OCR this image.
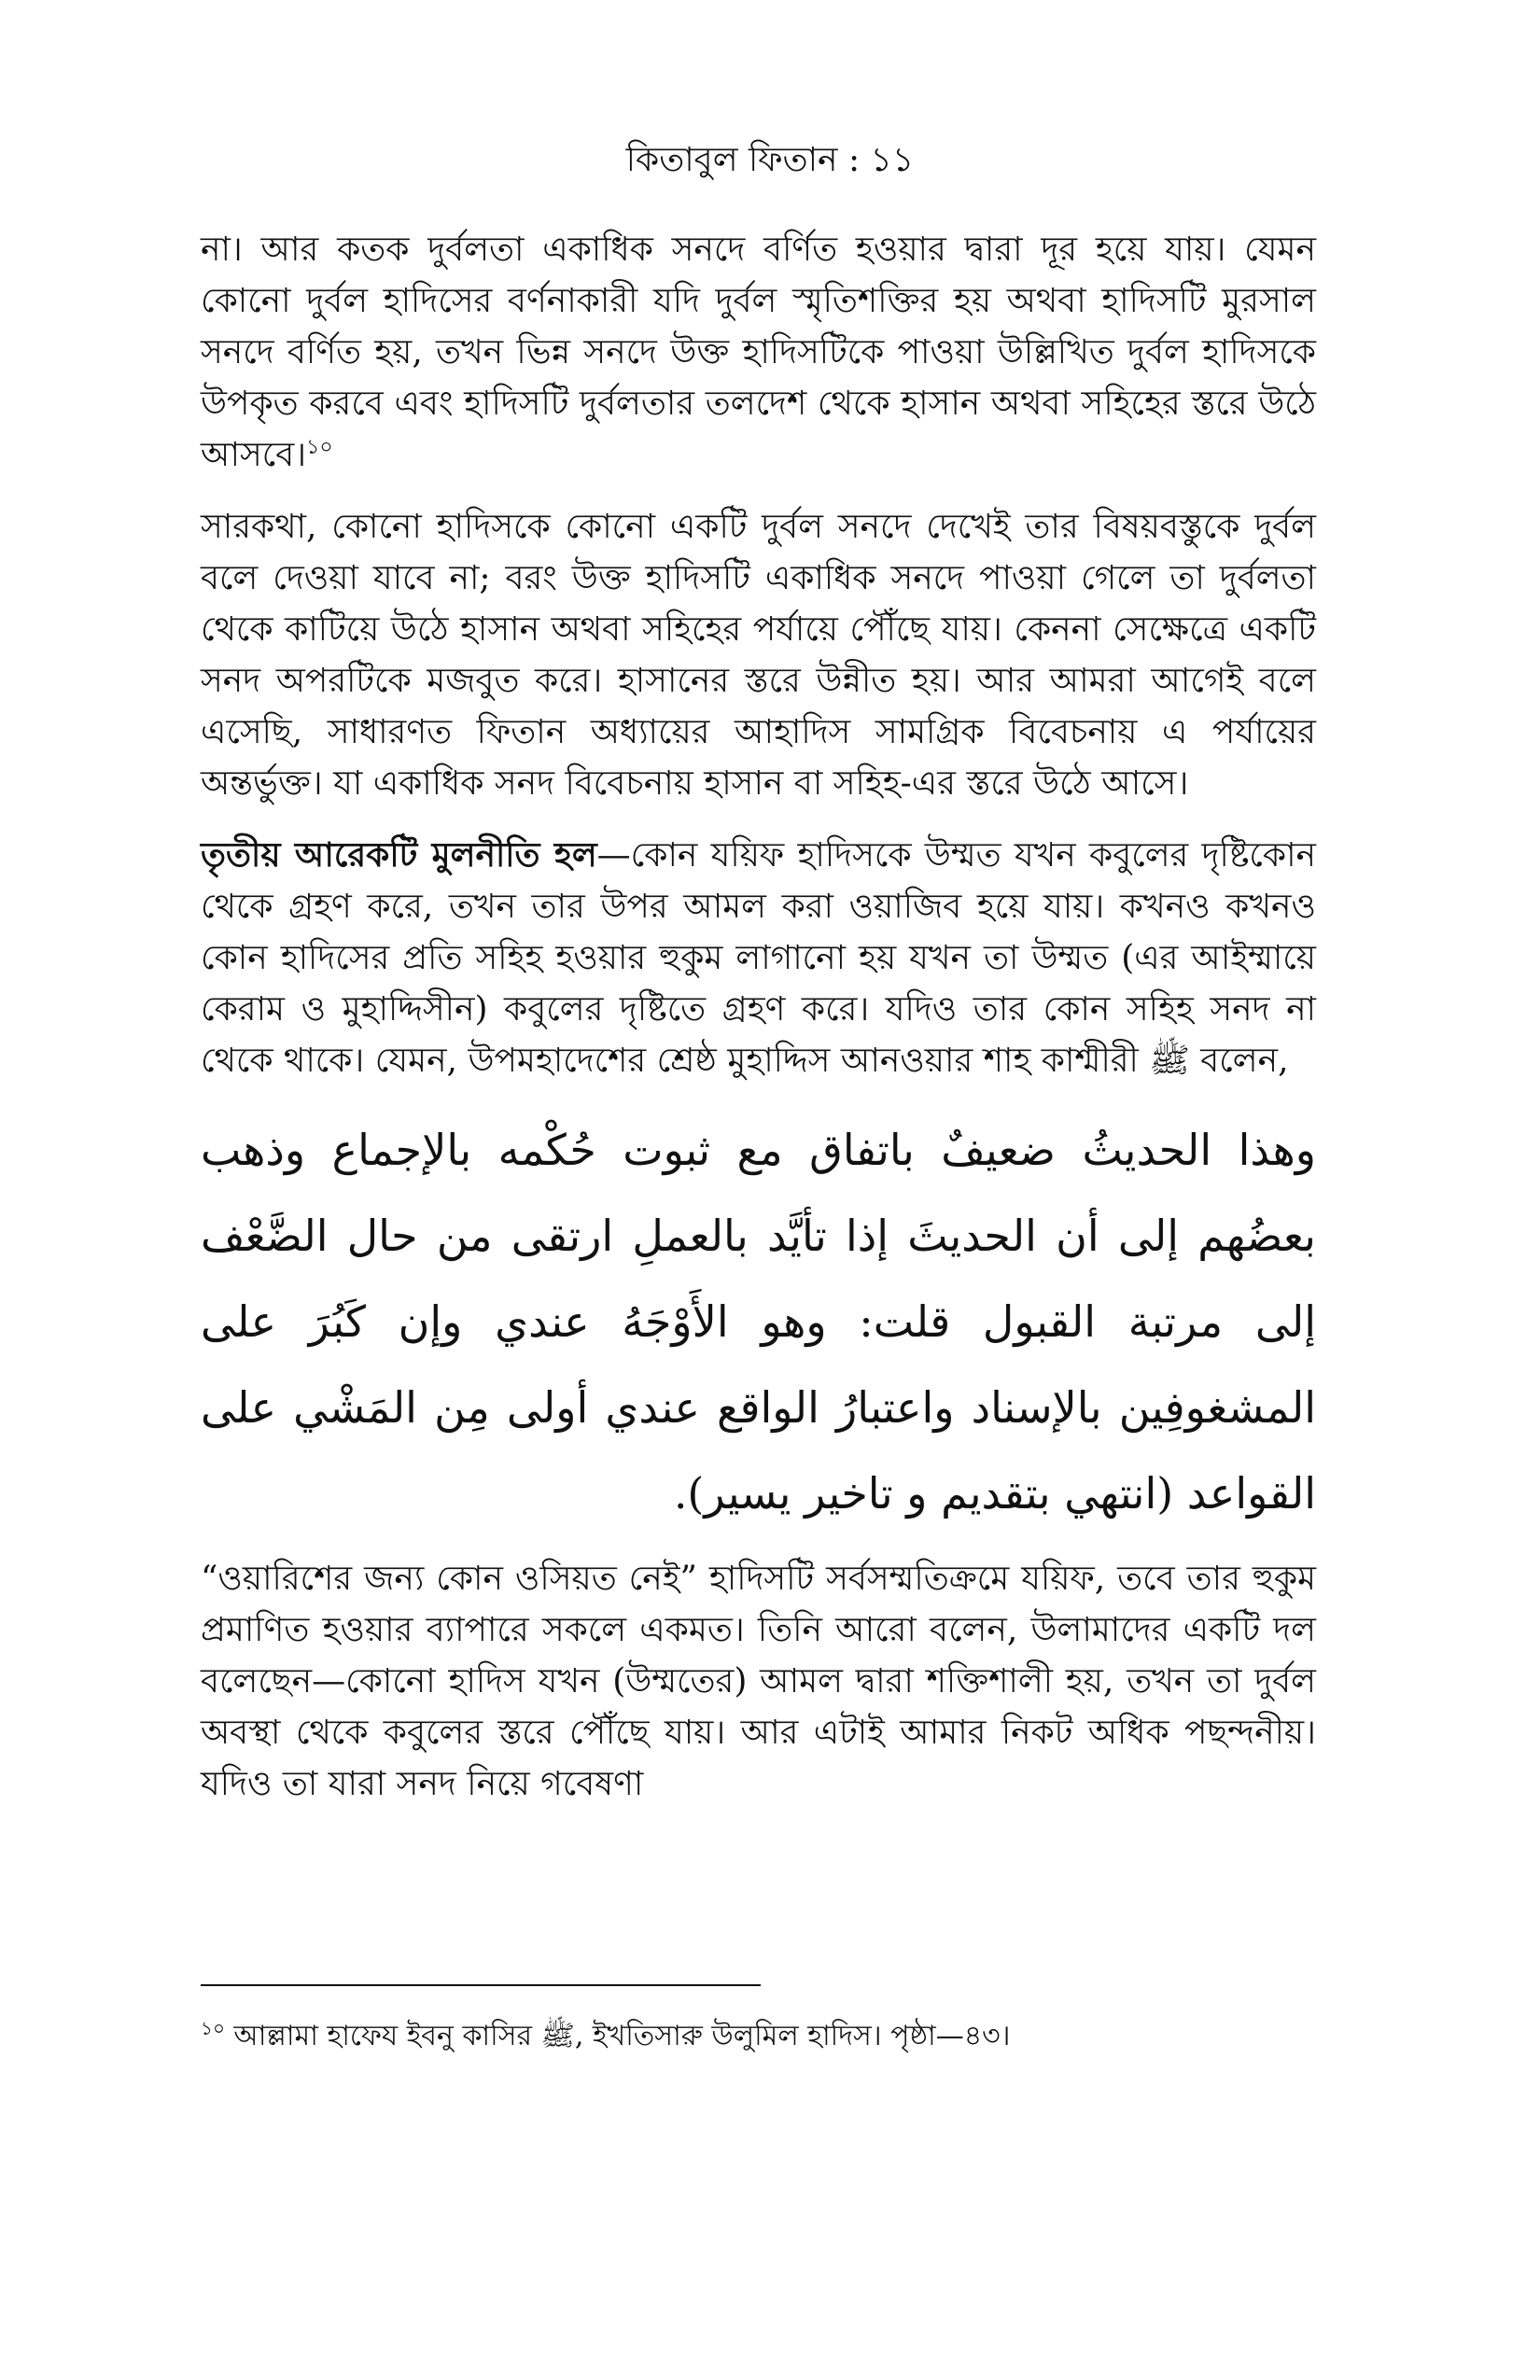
কিতাবুল ফিতান : ১১

না। আর কতক দুর্বলতা একাধিক সনদে বর্ণিত হওয়ার দ্বারা দূর হয়ে যায়। যেমন কোনো দুর্বল হাদিসের বর্ণনাকারী যদি দুর্বল স্মৃতিশক্তির হয় অথবা হাদিসটি মুরসাল সনদে বর্ণিত হয়, তখন ভিন্ন সনদে উক্ত হাদিসটিকে পাওয়া উল্লিখিত দুর্বল হাদিসকে উপকৃত করবে এবং হাদিসটি দুর্বলতার তলদেশ থেকে হাসান অথবা সহিহের স্তরে উঠে আসবে।$^{১০}$

সারকথা, কোনো হাদিসকে কোনো একটি দুর্বল সনদে দেখেই তার বিষয়বস্তুকে দুর্বল বলে দেওয়া যাবে না; বরং উক্ত হাদিসটি একাধিক সনদে পাওয়া গেলে তা দুর্বলতা থেকে কাটিয়ে উঠে হাসান অথবা সহিহের পর্যায়ে পৌঁছে যায়। কেননা সেক্ষেত্রে একটি সনদ অপরটিকে মজবুত করে। হাসানের স্তরে উন্নীত হয়। আর আমরা আগেই বলে এসেছি, সাধারণত ফিতান অধ্যায়ের আহাদিস সামগ্রিক বিবেচনায় এ পর্যায়ের অন্তর্ভুক্ত। যা একাধিক সনদ বিবেচনায় হাসান বা সহিহ-এর স্তরে উঠে আসে।

তৃতীয় আরেকটি মুলনীতি হল—কোন যয়িফ হাদিসকে উম্মত যখন কবুলের দৃষ্টিকোন থেকে গ্রহণ করে, তখন তার উপর আমল করা ওয়াজিব হয়ে যায়। কখনও কখনও কোন হাদিসের প্রতি সহিহ হওয়ার হুকুম লাগানো হয় যখন তা উম্মত (এর আইম্মায়ে কেরাম ও মুহাদ্দিসীন) কবুলের দৃষ্টিতে গ্রহণ করে। যদিও তার কোন সহিহ সনদ না থেকে থাকে। যেমন, উপমহাদেশের শ্রেষ্ঠ মুহাদ্দিস আনওয়ার শাহ কাশ্মীরী ﷺ বলেন,

وهذا الحديثُ ضعيفٌ باتفاق مع ثبوت حُكْمه بالإجماع وذهب بعضُهم إلى أن الحديثَ إذا تأيَّد بالعملِ ارتقى من حال الضَّعْف إلى مرتبة القبول قلت: وهو الأَوْجَهُ عندي وإن كَبُرَ على المشغوفِين بالإسناد واعتبارُ الواقع عندي أولى مِن المَشْي على القواعد (انتهي بتقديم و تاخير يسير).

“ওয়ারিশের জন্য কোন ওসিয়ত নেই” হাদিসটি সর্বসম্মতিক্রমে যয়িফ, তবে তার হুকুম প্রমাণিত হওয়ার ব্যাপারে সকলে একমত। তিনি আরো বলেন, উলামাদের একটি দল বলেছেন—কোনো হাদিস যখন (উম্মতের) আমল দ্বারা শক্তিশালী হয়, তখন তা দুর্বল অবস্থা থেকে কবুলের স্তরে পৌঁছে যায়। আর এটাই আমার নিকট অধিক পছন্দনীয়। যদিও তা যারা সনদ নিয়ে গবেষণা

$^{১০}$ আল্লামা হাফেয ইবনু কাসির ﷺ, ইখতিসারু উলুমিল হাদিস। পৃষ্ঠা—৪৩।
